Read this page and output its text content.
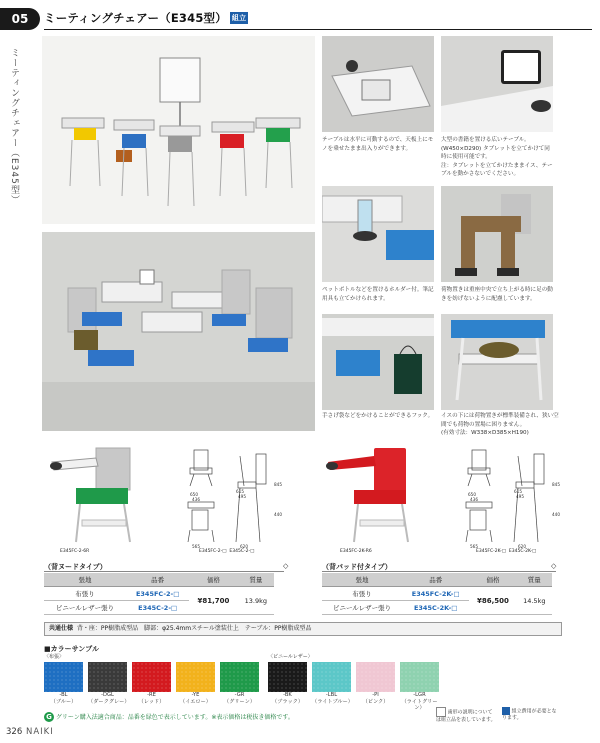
05	ミーティングチェアー（E345型） 組立
ミーティングチェアー（E345型）	テーブルは水平に可動するので、天板上にモノを乗せたまま出入りができます。
大型の書籍を置ける広いテーブル。(W450×D290) タブレットを立てかけて同時に使用可能です。
注：タブレットを立てかけたままイス、テーブルを動かさないでください。
ペットボトルなどを置けるホルダー付。筆記用具も立てかけられます。
荷物置きは重座中央で立ち上がる時に足の動きを妨げないように配慮しています。
手さげ袋などをかけることができるフック。	イスの下には荷物置きが標準装備され、狭い空間でも荷物の置場に困りません。
(有効寸法：W338×D385×H190)
E345FC-2-6R
650
436
615
495
845
440
565	620
E345FC-2-□ E345C-2-□
（背ヌードタイプ）	◇
張地	品番	価格	質量
布張り	E345FC-2-□	¥81,700	13.9kg
ビニールレザー張り	E345C-2-□		
E345FC-2K-R6
650
436
615
495
845
440
565	620
E345FC-2K-□ E345C-2K-□
（背パッド付タイプ）	◇
張地	品番	価格	質量
布張り	E345FC-2K-□	¥86,500	14.5kg
ビニールレザー張り	E345C-2K-□		
共通仕様 背・座：PP樹脂成型品　脚部：φ25.4mmスチール塗装仕上　テーブル：PP樹脂成型品
■カラーサンプル
〈布張〉	〈ビニールレザー〉
-BL
（ブルー）
-DGL
（ダークグレー）
-RE
（レッド）
-YE
（イエロー）
-GR
（グリーン）
-BK
（ブラック）
-LBL
（ライトブルー）
-PI
（ピンク）
-LGR
（ライトグリーン）
G グリーン購入法適合商品：品番を緑色で表示しています。※表示価格は税抜き価格です。
歯形の説明については組立品を表しています。
組立費用が必要となります。
326 NAIKI
